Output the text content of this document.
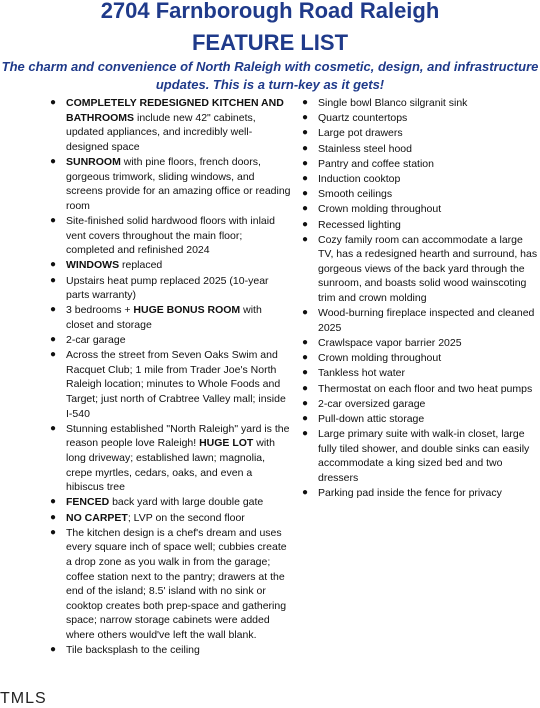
2704 Farnborough Road Raleigh
FEATURE LIST
The charm and convenience of North Raleigh with cosmetic, design, and infrastructure updates. This is a turn-key as it gets!
● COMPLETELY REDESIGNED KITCHEN AND BATHROOMS include new 42" cabinets, updated appliances, and incredibly well-designed space
● SUNROOM with pine floors, french doors, gorgeous trimwork, sliding windows, and screens provide for an amazing office or reading room
● Site-finished solid hardwood floors with inlaid vent covers throughout the main floor; completed and refinished 2024
● WINDOWS replaced
● Upstairs heat pump replaced 2025 (10-year parts warranty)
● 3 bedrooms + HUGE BONUS ROOM with closet and storage
● 2-car garage
● Across the street from Seven Oaks Swim and Racquet Club; 1 mile from Trader Joe's North Raleigh location; minutes to Whole Foods and Target; just north of Crabtree Valley mall; inside I-540
● Stunning established "North Raleigh" yard is the reason people love Raleigh! HUGE LOT with long driveway; established lawn; magnolia, crepe myrtles, cedars, oaks, and even a hibiscus tree
● FENCED back yard with large double gate
● NO CARPET; LVP on the second floor
● The kitchen design is a chef's dream and uses every square inch of space well; cubbies create a drop zone as you walk in from the garage; coffee station next to the pantry; drawers at the end of the island; 8.5' island with no sink or cooktop creates both prep-space and gathering space; narrow storage cabinets were added where others would've left the wall blank.
● Tile backsplash to the ceiling
● Single bowl Blanco silgranit sink
● Quartz countertops
● Large pot drawers
● Stainless steel hood
● Pantry and coffee station
● Induction cooktop
● Smooth ceilings
● Crown molding throughout
● Recessed lighting
● Cozy family room can accommodate a large TV, has a redesigned hearth and surround, has gorgeous views of the back yard through the sunroom, and boasts solid wood wainscoting trim and crown molding
● Wood-burning fireplace inspected and cleaned 2025
● Crawlspace vapor barrier 2025
● Crown molding throughout
● Tankless hot water
● Thermostat on each floor and two heat pumps
● 2-car oversized garage
● Pull-down attic storage
● Large primary suite with walk-in closet, large fully tiled shower, and double sinks can easily accommodate a king sized bed and two dressers
● Parking pad inside the fence for privacy
TMLS
